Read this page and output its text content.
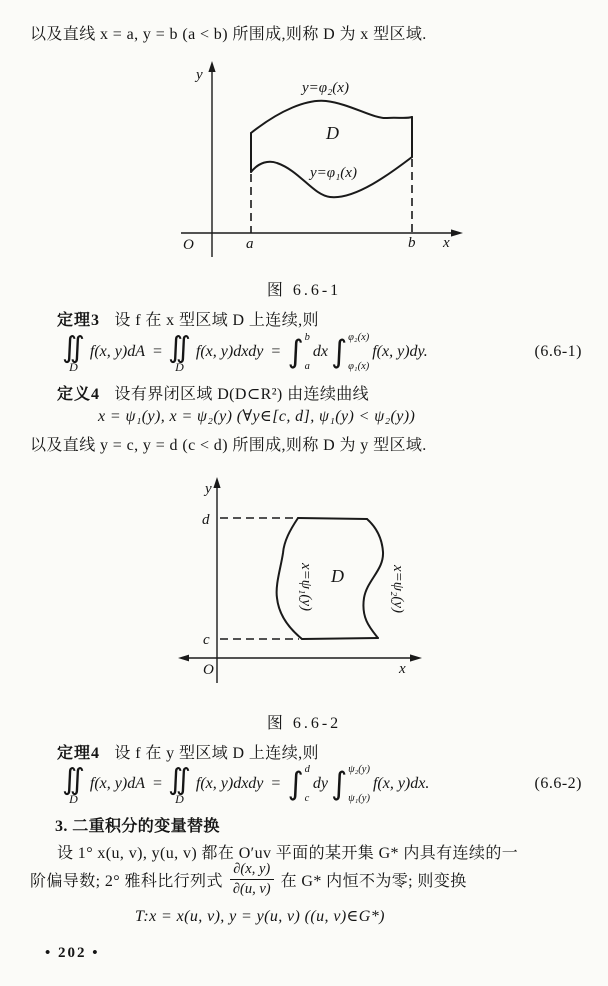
以及直线 x = a, y = b (a < b) 所围成,则称 D 为 x 型区域.
y
O	a	b x
y=φ₂(x)
D
y=φ₁(x)
图 6.6-1
定理3 设 f 在 x 型区域 D 上连续,则
∬
D
f(x, y)dA = ∬
D
f(x, y)dxdy = ∫ b
a
dx ∫ φ₂(x)
φ₁(x)
f(x, y)dy.	(6.6-1)
定义4 设有界闭区域 D(D⊂R²) 由连续曲线
x = ψ₁(y), x = ψ₂(y) (∀y∈[c, d], ψ₁(y) < ψ₂(y))
以及直线 y = c, y = d (c < d) 所围成,则称 D 为 y 型区域.
y
d
c
O	x
D
x=ψ₁(y)	x=ψ₂(y)
图 6.6-2
定理4 设 f 在 y 型区域 D 上连续,则
∬
D
f(x, y)dA = ∬
D
f(x, y)dxdy = ∫ d
c
dy ∫ ψ₂(y)
ψ₁(y)
f(x, y)dx.	(6.6-2)
3. 二重积分的变量替换
设 1° x(u, v), y(u, v) 都在 O′uv 平面的某开集 G* 内具有连续的一
阶偏导数; 2° 雅科比行列式 $\frac{\partial(x, y)}{\partial(u, v)}$ 在 G* 内恒不为零; 则变换
T:x = x(u, v), y = y(u, v) ((u, v)∈G*)
• 202 •
